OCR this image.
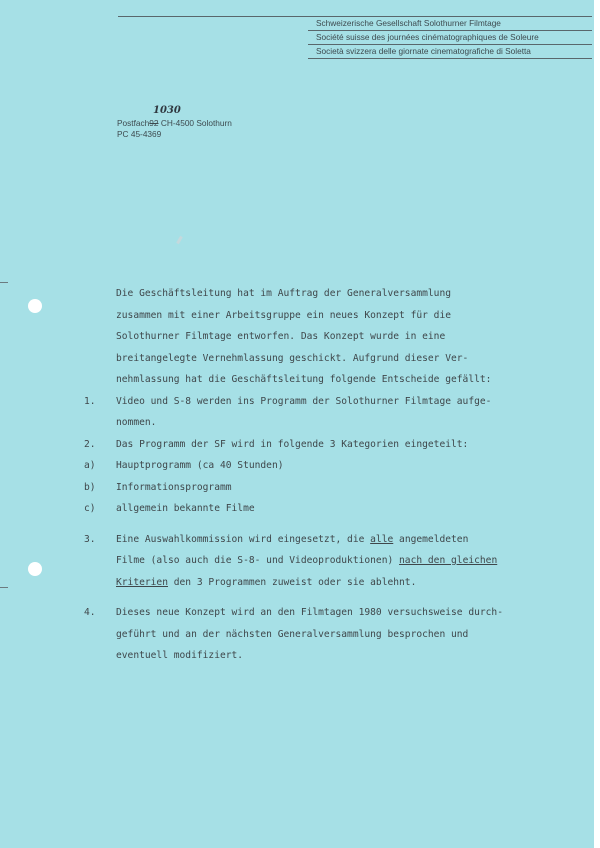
Schweizerische Gesellschaft Solothurner Filmtage
Société suisse des journées cinématographiques de Soleure
Società svizzera delle giornate cinematografiche di Soletta
Postfach92
1030
CH-4500 Solothurn
PC 45-4369
Die Geschäftsleitung hat im Auftrag der Generalversammlung
zusammen mit einer Arbeitsgruppe ein neues Konzept für die
Solothurner Filmtage entworfen. Das Konzept wurde in eine
breitangelegte Vernehmlassung geschickt. Aufgrund dieser Ver-
nehmlassung hat die Geschäftsleitung folgende Entscheide gefällt:
1. Video und S-8 werden ins Programm der Solothurner Filmtage aufge-
nommen.
2. Das Programm der SF wird in folgende 3 Kategorien eingeteilt:
a) Hauptprogramm (ca 40 Stunden)
b) Informationsprogramm
c) allgemein bekannte Filme
3. Eine Auswahlkommission wird eingesetzt, die alle angemeldeten
Filme (also auch die S-8- und Videoproduktionen) nach den gleichen
Kriterien den 3 Programmen zuweist oder sie ablehnt.
4. Dieses neue Konzept wird an den Filmtagen 1980 versuchsweise durch-
geführt und an der nächsten Generalversammlung besprochen und
eventuell modifiziert.
